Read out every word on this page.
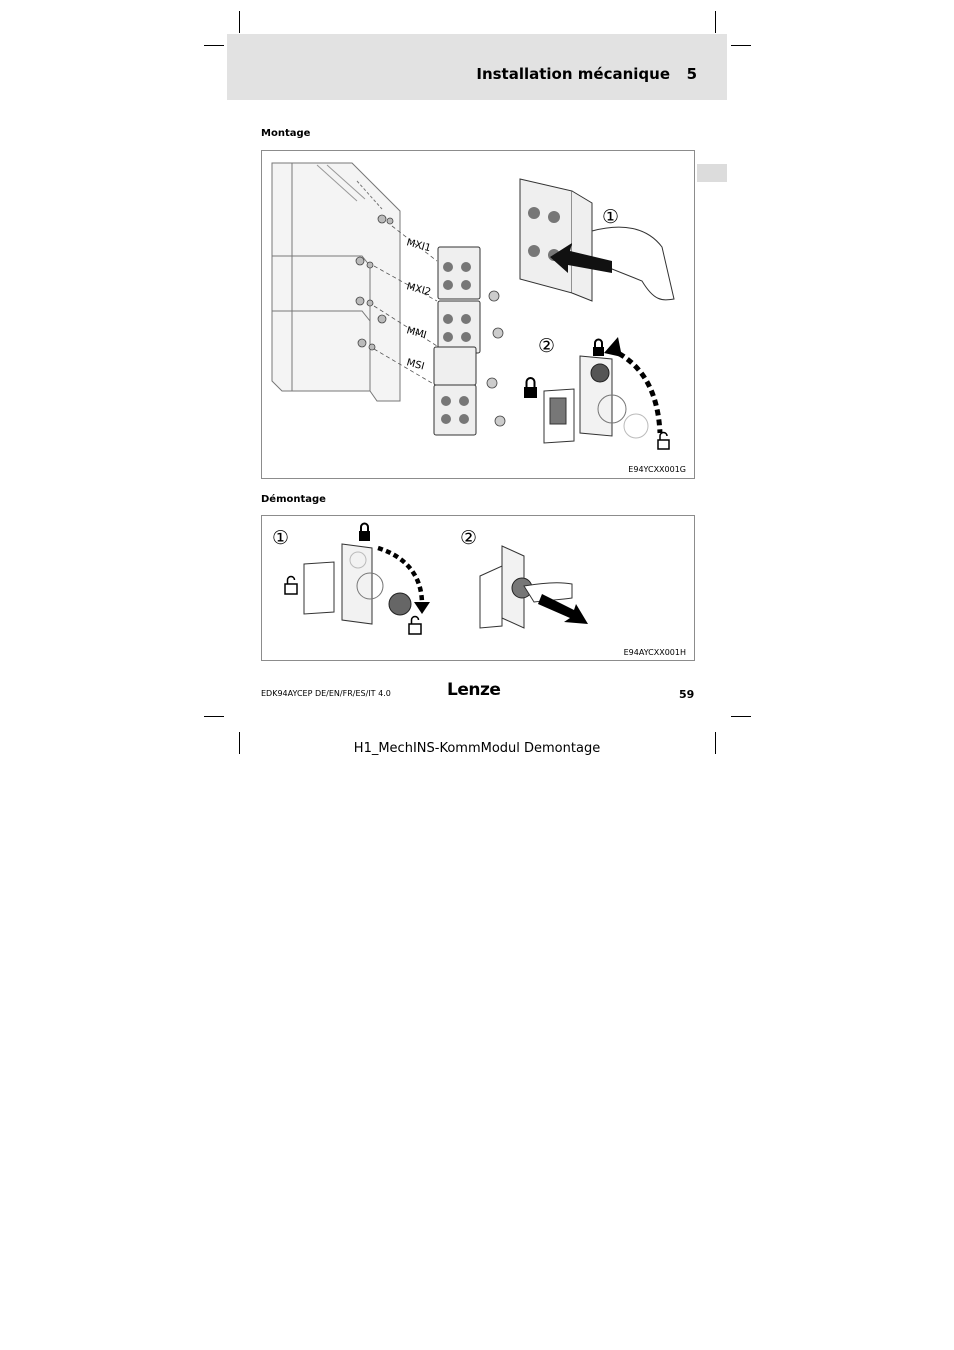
Installation mécanique 5
Montage
MXI1
MXI2
MMI
MSI
①
②
E94YCXX001G
Démontage
①	②
E94AYCXX001H
EDK94AYCEP DE/EN/FR/ES/IT 4.0	Lenze	59
H1_MechINS-KommModul Demontage
